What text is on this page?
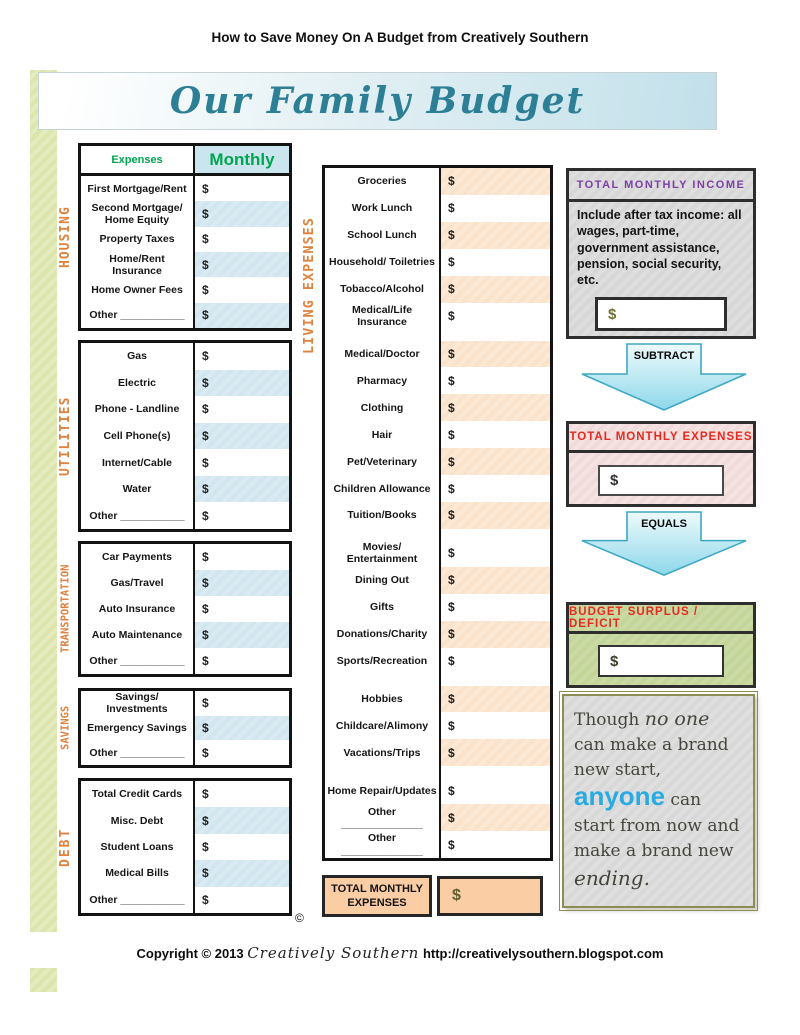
How to Save Money On A Budget from Creatively Southern
Our Family Budget
HOUSING
Expenses	Monthly
First Mortgage/Rent	$
Second Mortgage/ Home Equity	$
Property Taxes	$
Home/Rent Insurance	$
Home Owner Fees	$
Other ___________	$
UTILITIES
Gas	$
Electric	$
Phone - Landline	$
Cell Phone(s)	$
Internet/Cable	$
Water	$
Other ___________	$
TRANSPORTATION
Car Payments	$
Gas/Travel	$
Auto Insurance	$
Auto Maintenance	$
Other ___________	$
SAVINGS
Savings/ Investments	$
Emergency Savings	$
Other ___________	$
DEBT
Total Credit Cards	$
Misc. Debt	$
Student Loans	$
Medical Bills	$
Other ___________	$
LIVING EXPENSES
Groceries	$
Work Lunch	$
School Lunch	$
Household/ Toiletries	$
Tobacco/Alcohol	$
Medical/Life Insurance	$
Medical/Doctor	$
Pharmacy	$
Clothing	$
Hair	$
Pet/Veterinary	$
Children Allowance	$
Tuition/Books	$
Movies/ Entertainment	$
Dining Out	$
Gifts	$
Donations/Charity	$
Sports/Recreation	$
Hobbies	$
Childcare/Alimony	$
Vacations/Trips	$
Home Repair/Updates $
Other ______________	$
Other ______________	$
TOTAL MONTHLY EXPENSES	$
©
TOTAL MONTHLY INCOME
Include after tax income: all wages, part-time, government assistance, pension, social security, etc.
$
SUBTRACT
TOTAL MONTHLY EXPENSES
$
EQUALS
BUDGET SURPLUS / DEFICIT
$
Though no one can make a brand new start, anyone can start from now and make a brand new ending.
Copyright © 2013 Creatively Southern http://creativelysouthern.blogspot.com
